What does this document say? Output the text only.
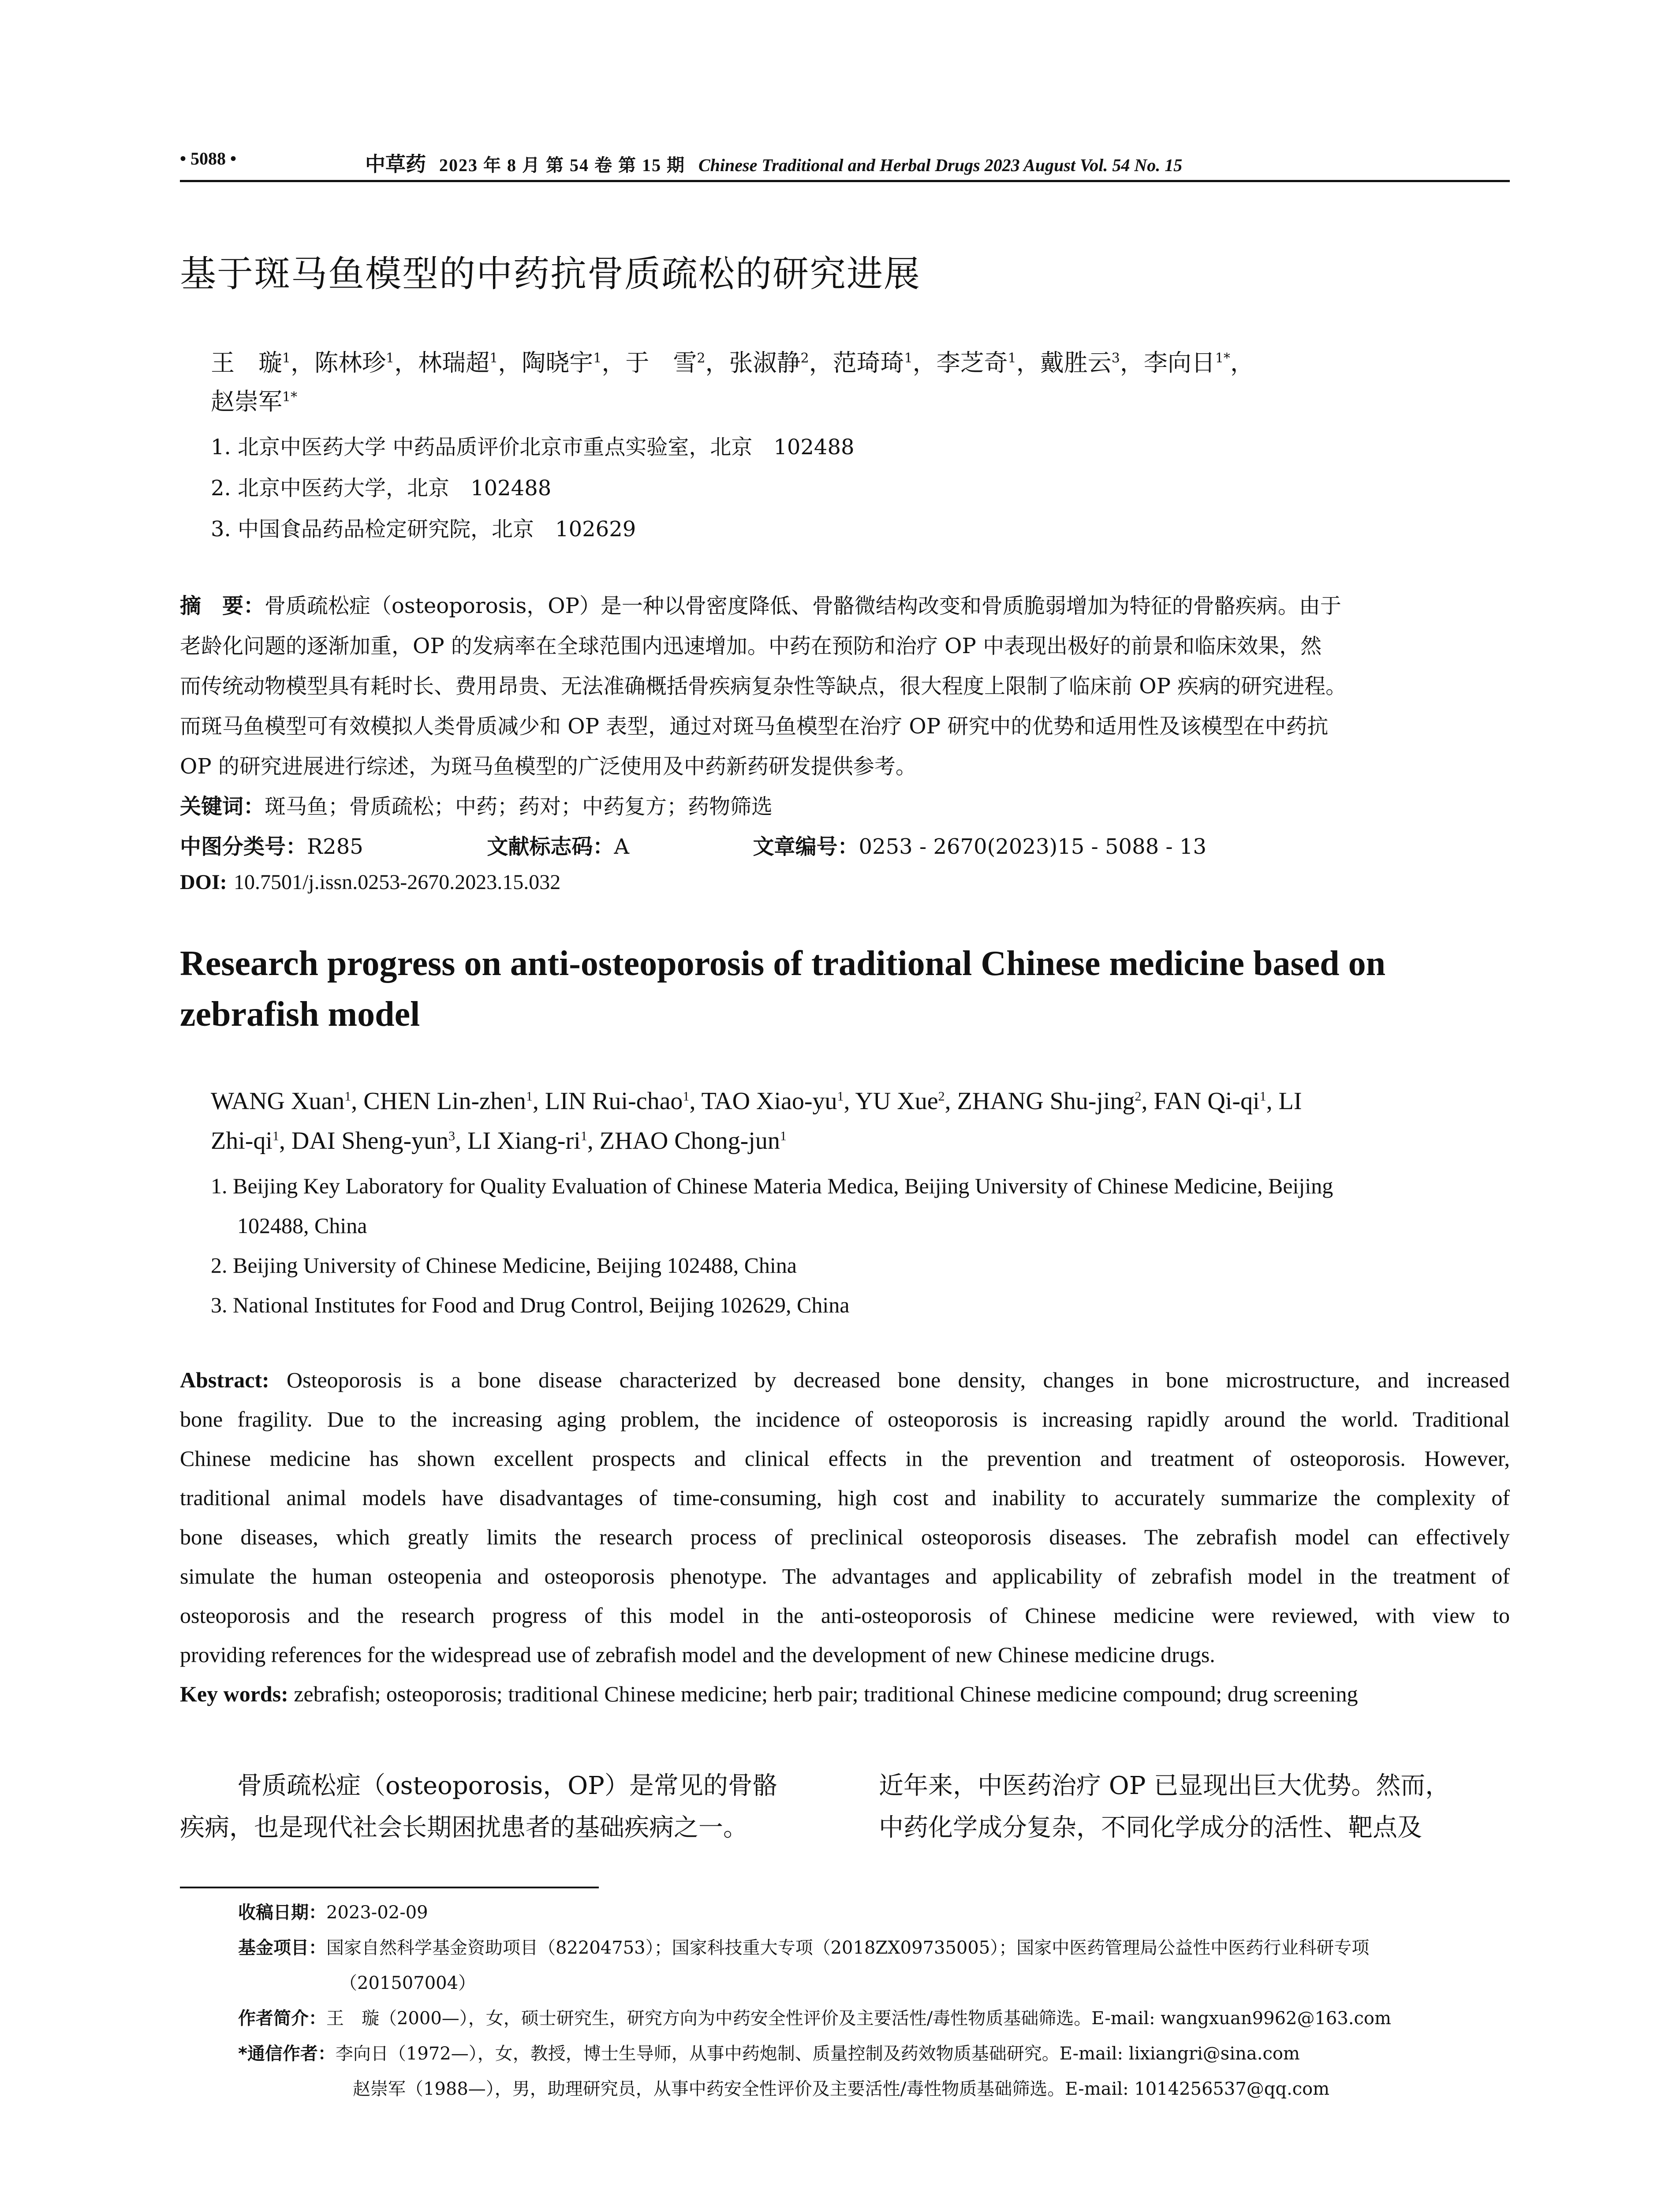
• 5088 •	中草药 2023 年 8 月 第 54 卷 第 15 期 Chinese Traditional and Herbal Drugs 2023 August Vol. 54 No. 15
基于斑马鱼模型的中药抗骨质疏松的研究进展
王　璇$^1$，陈林珍$^1$，林瑞超$^1$，陶晓宇$^1$，于　雪$^2$，张淑静$^2$，范琦琦$^1$，李芝奇$^1$，戴胜云$^3$，李向日$^{1*}$，
赵崇军$^{1*}$
1. 北京中医药大学 中药品质评价北京市重点实验室，北京　102488
2. 北京中医药大学，北京　102488
3. 中国食品药品检定研究院，北京　102629
摘　要：骨质疏松症（osteoporosis，OP）是一种以骨密度降低、骨骼微结构改变和骨质脆弱增加为特征的骨骼疾病。由于
老龄化问题的逐渐加重，OP 的发病率在全球范围内迅速增加。中药在预防和治疗 OP 中表现出极好的前景和临床效果，然
而传统动物模型具有耗时长、费用昂贵、无法准确概括骨疾病复杂性等缺点，很大程度上限制了临床前 OP 疾病的研究进程。
而斑马鱼模型可有效模拟人类骨质减少和 OP 表型，通过对斑马鱼模型在治疗 OP 研究中的优势和适用性及该模型在中药抗
OP 的研究进展进行综述，为斑马鱼模型的广泛使用及中药新药研发提供参考。
关键词：斑马鱼；骨质疏松；中药；药对；中药复方；药物筛选
中图分类号：R285	文献标志码：A	文章编号：0253 - 2670(2023)15 - 5088 - 13
DOI: 10.7501/j.issn.0253-2670.2023.15.032
Research progress on anti-osteoporosis of traditional Chinese medicine based on
zebrafish model
WANG Xuan$^1$, CHEN Lin-zhen$^1$, LIN Rui-chao$^1$, TAO Xiao-$yu^1$, YU Xue$^2$, ZHANG Shu-jing$^2$, FAN $Qi-qi^1$, LI
Zhi-$qi^1$, DAI Sheng-yun$^3$, LI Xiang-$ri^1$, ZHAO Chong-jun$^1$
1. Beijing Key Laboratory for Quality Evaluation of Chinese Materia Medica, Beijing University of Chinese Medicine, Beijing
102488, China
2. Beijing University of Chinese Medicine, Beijing 102488, China
3. National Institutes for Food and Drug Control, Beijing 102629, China
Abstract: Osteoporosis is a bone disease characterized by decreased bone density, changes in bone microstructure, and increased
bone fragility. Due to the increasing aging problem, the incidence of osteoporosis is increasing rapidly around the world. Traditional
Chinese medicine has shown excellent prospects and clinical effects in the prevention and treatment of osteoporosis. However,
traditional animal models have disadvantages of time-consuming, high cost and inability to accurately summarize the complexity of
bone diseases, which greatly limits the research process of preclinical osteoporosis diseases. The zebrafish model can effectively
simulate the human osteopenia and osteoporosis phenotype. The advantages and applicability of zebrafish model in the treatment of
osteoporosis and the research progress of this model in the anti-osteoporosis of Chinese medicine were reviewed, with view to
providing references for the widespread use of zebrafish model and the development of new Chinese medicine drugs.
Key words: zebrafish; osteoporosis; traditional Chinese medicine; herb pair; traditional Chinese medicine compound; drug screening
骨质疏松症（osteoporosis，OP）是常见的骨骼
疾病，也是现代社会长期困扰患者的基础疾病之一。
近年来，中医药治疗 OP 已显现出巨大优势。然而，
中药化学成分复杂，不同化学成分的活性、靶点及
收稿日期：2023-02-09
基金项目：国家自然科学基金资助项目（82204753）；国家科技重大专项（2018ZX09735005）；国家中医药管理局公益性中医药行业科研专项
（201507004）
作者简介：王　璇（2000—），女，硕士研究生，研究方向为中药安全性评价及主要活性/毒性物质基础筛选。E-mail: wangxuan9962@163.com
*通信作者：李向日（1972—），女，教授，博士生导师，从事中药炮制、质量控制及药效物质基础研究。E-mail: lixiangri@sina.com
赵崇军（1988—），男，助理研究员，从事中药安全性评价及主要活性/毒性物质基础筛选。E-mail: 1014256537@qq.com
